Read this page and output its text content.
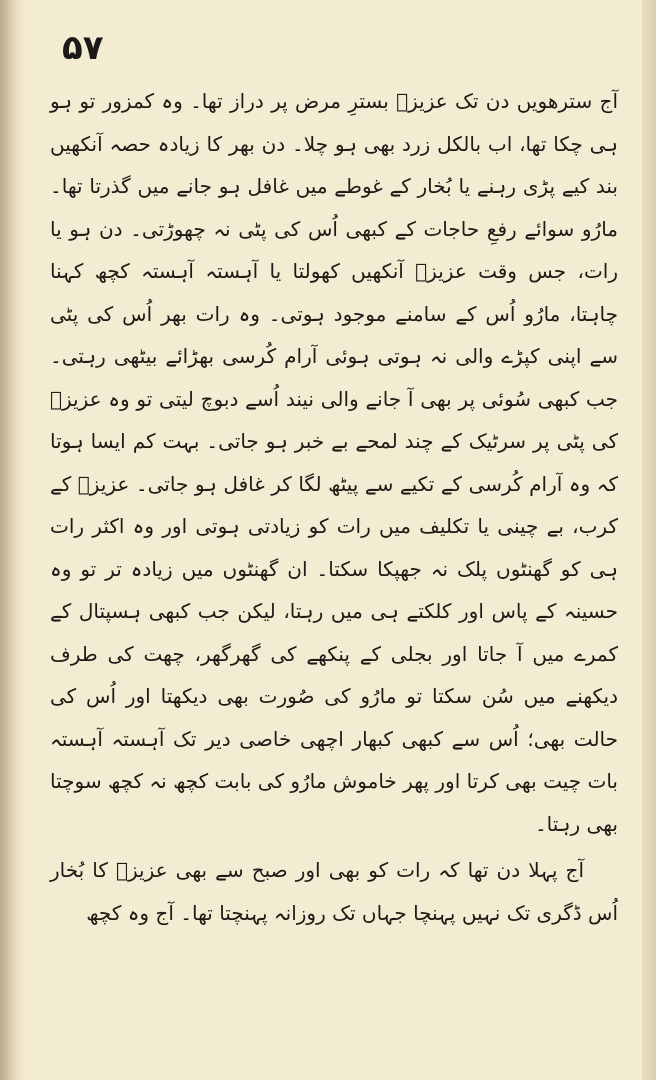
۵۷

آج سترھویں دن تک عزیزؔ بسترِ مرض پر دراز تھا۔ وہ کمزور تو ہو ہی چکا تھا، اب بالکل زرد بھی ہو چلا۔ دن بھر کا زیادہ حصہ آنکھیں بند کیے پڑی رہنے یا بُخار کے غوطے میں غافل ہو جانے میں گذرتا تھا۔ مارُو سوائے رفعِ حاجات کے کبھی اُس کی پٹی نہ چھوڑتی۔ دن ہو یا رات، جس وقت عزیزؔ آنکھیں کھولتا یا آہستہ آہستہ کچھ کہنا چاہتا، مارُو اُس کے سامنے موجود ہوتی۔ وہ رات بھر اُس کی پٹی سے اپنی کپڑے والی نہ ہوتی ہوئی آرام کُرسی بھڑائے بیٹھی رہتی۔ جب کبھی سُوئی پر بھی آ جانے والی نیند اُسے دبوچ لیتی تو وہ عزیزؔ کی پٹی پر سرٹیک کے چند لمحے بے خبر ہو جاتی۔ بہت کم ایسا ہوتا کہ وہ آرام کُرسی کے تکیے سے پیٹھ لگا کر غافل ہو جاتی۔ عزیزؔ کے کرب، بے چینی یا تکلیف میں رات کو زیادتی ہوتی اور وہ اکثر رات ہی کو گھنٹوں پلک نہ جھپکا سکتا۔ ان گھنٹوں میں زیادہ تر تو وہ حسینہ کے پاس اور کلکتے ہی میں رہتا، لیکن جب کبھی ہسپتال کے کمرے میں آ جاتا اور بجلی کے پنکھے کی گھرگھر، چھت کی طرف دیکھنے میں سُن سکتا تو مارُو کی صُورت بھی دیکھتا اور اُس کی حالت بھی؛ اُس سے کبھی کبھار اچھی خاصی دیر تک آہستہ آہستہ بات چیت بھی کرتا اور پھر خاموش مارُو کی بابت کچھ نہ کچھ سوچتا بھی رہتا۔

آج پہلا دن تھا کہ رات کو بھی اور صبح سے بھی عزیزؔ کا بُخار اُس ڈگری تک نہیں پہنچا جہاں تک روزانہ پہنچتا تھا۔ آج وہ کچھ
